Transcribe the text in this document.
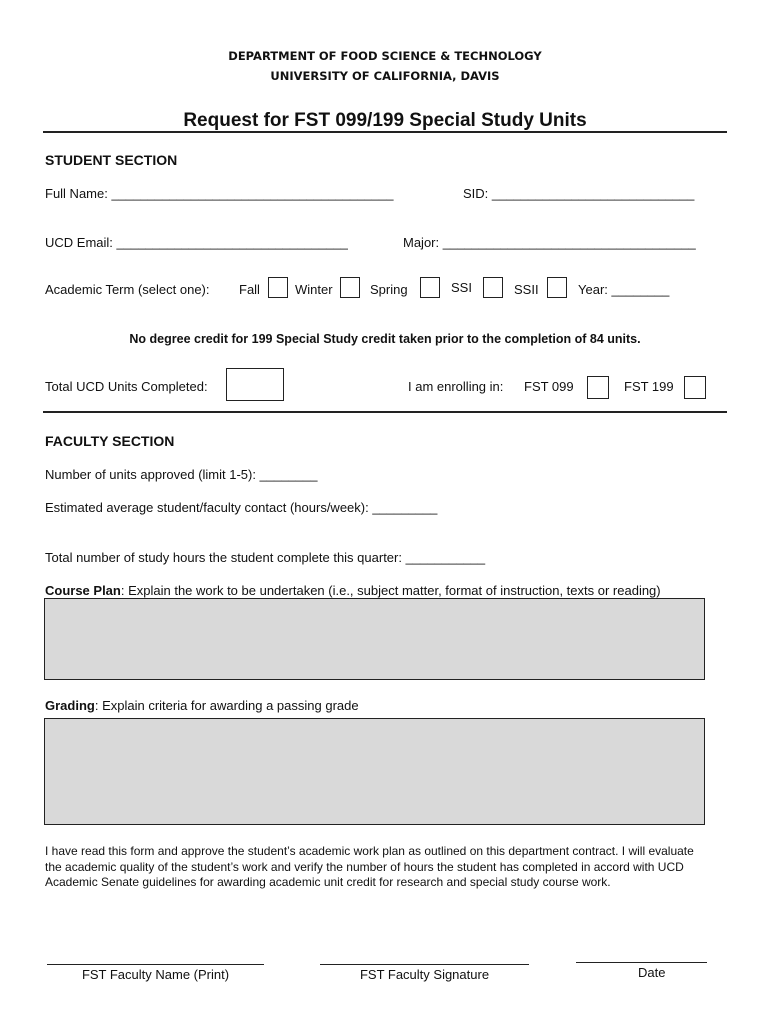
DEPARTMENT OF FOOD SCIENCE & TECHNOLOGY
UNIVERSITY OF CALIFORNIA, DAVIS
Request for FST 099/199 Special Study Units
STUDENT SECTION
Full Name: _______________________________________	SID: ____________________________
UCD Email: ________________________________	Major: ___________________________________
Academic Term (select one): Fall	Winter	Spring	SSI	SSII	Year: ________
No degree credit for 199 Special Study credit taken prior to the completion of 84 units.
Total UCD Units Completed:	I am enrolling in: FST 099	FST 199
FACULTY SECTION
Number of units approved (limit 1-5): ________
Estimated average student/faculty contact (hours/week): _________
Total number of study hours the student complete this quarter: ___________
Course Plan: Explain the work to be undertaken (i.e., subject matter, format of instruction, texts or reading)
Grading: Explain criteria for awarding a passing grade
I have read this form and approve the student’s academic work plan as outlined on this department contract. I will evaluate the academic quality of the student’s work and verify the number of hours the student has completed in accord with UCD Academic Senate guidelines for awarding academic unit credit for research and special study course work.
FST Faculty Name (Print)	FST Faculty Signature	Date
